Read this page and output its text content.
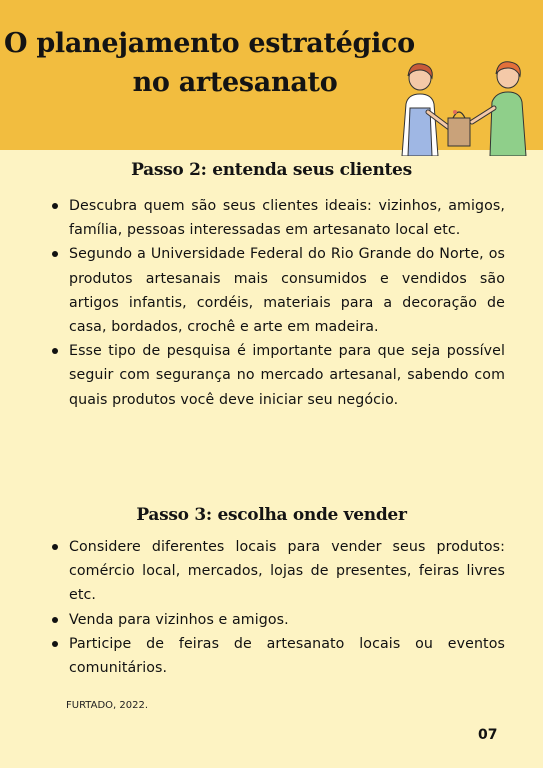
O planejamento estratégico
no artesanato
Passo 2: entenda seus clientes
Descubra quem são seus clientes ideais: vizinhos, amigos, família, pessoas interessadas em artesanato local etc.
Segundo a Universidade Federal do Rio Grande do Norte, os produtos artesanais mais consumidos e vendidos são artigos infantis, cordéis, materiais para a decoração de casa, bordados, crochê e arte em madeira.
Esse tipo de pesquisa é importante para que seja possível seguir com segurança no mercado artesanal, sabendo com quais produtos você deve iniciar seu negócio.
Passo 3: escolha onde vender
Considere diferentes locais para vender seus produtos: comércio local, mercados, lojas de presentes, feiras livres etc.
Venda para vizinhos e amigos.
Participe de feiras de artesanato locais ou eventos comunitários.
FURTADO, 2022.
07
